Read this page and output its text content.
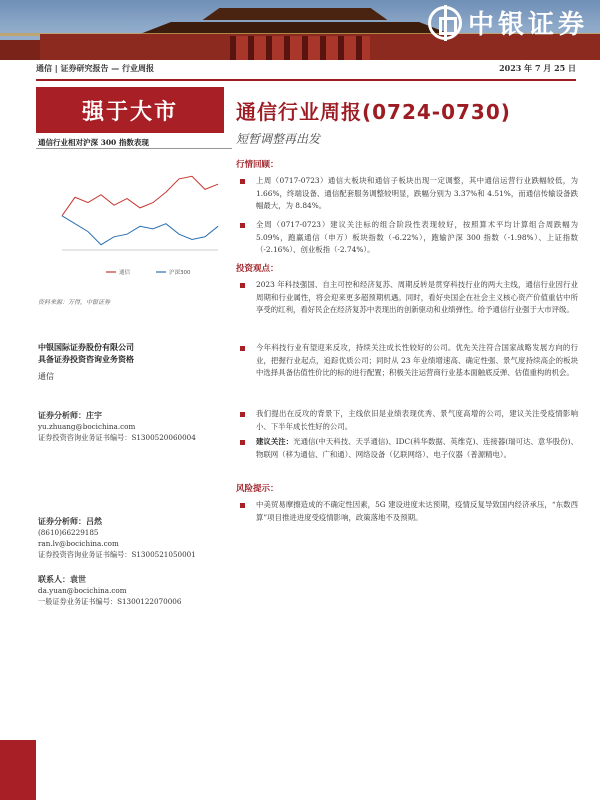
中银证券
通信 | 证券研究报告 — 行业周报	2023 年 7 月 25 日
强于大市
通信行业相对沪深 300 指数表现
通信	沪深300
资料来源：万得，中银证券
中银国际证券股份有限公司
具备证券投资咨询业务资格
通信
证券分析师：庄宇
yu.zhuang@bocichina.com
证券投资咨询业务证书编号：S1300520060004
证券分析师：吕然
(8610)66229185
ran.lv@bocichina.com
证券投资咨询业务证书编号：S1300521050001
联系人：袁世
da.yuan@bocichina.com
一般证券业务证书编号：S1300122070006
通信行业周报(0724-0730)
短暂调整再出发
行情回顾：
上周（0717-0723）通信大板块和通信子板块出现一定调整，其中通信运营行业跌幅较低，为 1.66%，终端设备、通信配套服务调整较明显，跌幅分别为 3.37%和 4.51%，而通信传输设备跌幅最大，为 8.84%。
全周（0717-0723）建议关注标的组合阶段性表现较好，按照算术平均计算组合周跌幅为 5.09%，跑赢通信（申万）板块指数（-6.22%），跑输沪深 300 指数（-1.98%）、上证指数（-2.16%）、创业板指（-2.74%）。
投资观点：
2023 年科技强国、自主可控和经济复苏、周期反转是贯穿科技行业的两大主线，通信行业因行业周期和行业属性，将会迎来更多超预期机遇。同时，看好央国企在社会主义核心资产价值重估中所享受的红利，看好民企在经济复苏中表现出的创新驱动和业绩弹性。给予通信行业强于大市评级。
今年科技行业有望迎来反攻，持续关注成长性较好的公司。优先关注符合国家战略发展方向的行业，把握行业起点，追踪优质公司；同时从 23 年业绩增速高、确定性强、景气度持续高企的板块中选择具备估值性价比的标的进行配置；积极关注运营商行业基本面触底反弹、估值重构的机会。
我们提出在反攻的背景下，主线依旧是业绩表现优秀、景气度高增的公司，建议关注受疫情影响小、下半年成长性好的公司。
建议关注：光通信(中天科技、天孚通信)、IDC(科华数据、英维克)、连接器(瑞可达、意华股份)、物联网（移为通信、广和通）、网络设备（亿联网络）、电子仪器（普源精电）。
风险提示：
中美贸易摩擦造成的不确定性因素，5G 建设进度未达预期，疫情反复导致国内经济承压，“东数西算”项目推进进度受疫情影响，政策落地不及预期。
